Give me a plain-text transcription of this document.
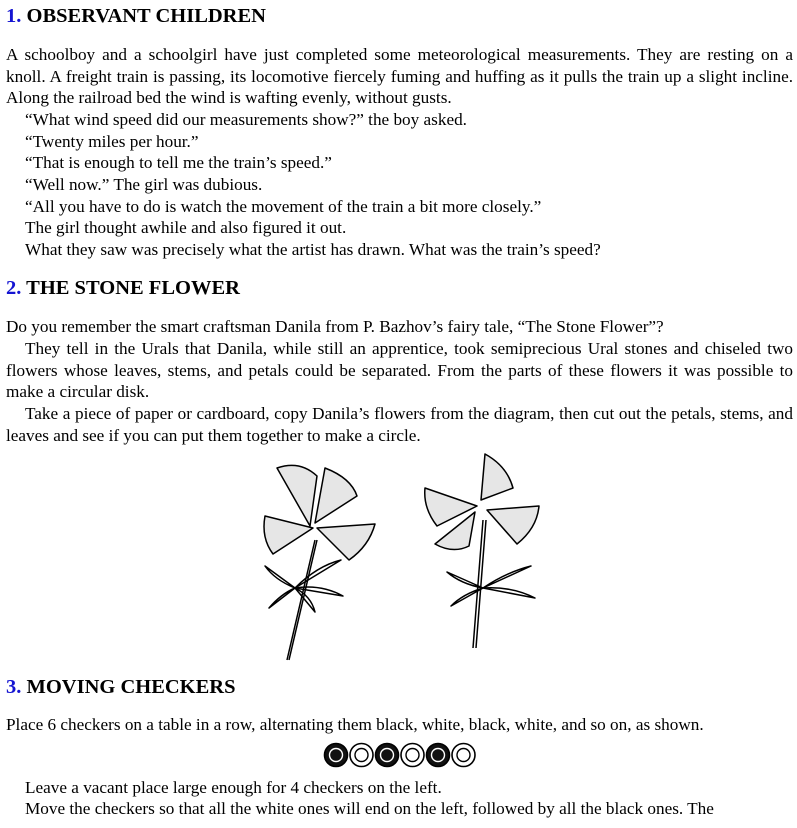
1. OBSERVANT CHILDREN
A schoolboy and a schoolgirl have just completed some meteorological measurements. They are resting on a knoll. A freight train is passing, its locomotive fiercely fuming and huffing as it pulls the train up a slight incline. Along the railroad bed the wind is wafting evenly, without gusts.
“What wind speed did our measurements show?” the boy asked.
“Twenty miles per hour.”
“That is enough to tell me the train’s speed.”
“Well now.” The girl was dubious.
“All you have to do is watch the movement of the train a bit more closely.”
The girl thought awhile and also figured it out.
What they saw was precisely what the artist has drawn. What was the train’s speed?
2. THE STONE FLOWER
Do you remember the smart craftsman Danila from P. Bazhov’s fairy tale, “The Stone Flower”?
They tell in the Urals that Danila, while still an apprentice, took semiprecious Ural stones and chiseled two flowers whose leaves, stems, and petals could be separated. From the parts of these flowers it was possible to make a circular disk.
Take a piece of paper or cardboard, copy Danila’s flowers from the diagram, then cut out the petals, stems, and leaves and see if you can put them together to make a circle.
3. MOVING CHECKERS
Place 6 checkers on a table in a row, alternating them black, white, black, white, and so on, as shown.
Leave a vacant place large enough for 4 checkers on the left.
Move the checkers so that all the white ones will end on the left, followed by all the black ones. The
